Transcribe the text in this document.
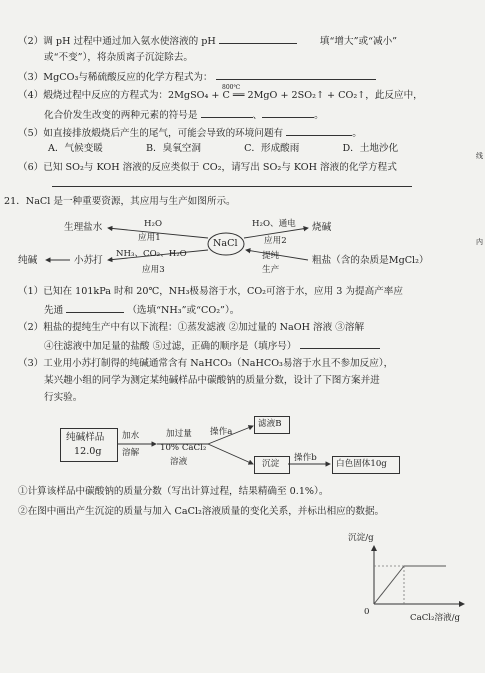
（2）调 pH 过程中通过加入氨水使溶液的 pH	填“增大”或“减小”
或“不变”），将杂质离子沉淀除去。
（3）MgCO₃与稀硫酸反应的化学方程式为：
（4）煅烧过程中反应的方程式为：2MgSO₄ + C ══ 2MgO + 2SO₂↑ + CO₂↑，此反应中，
800℃
化合价发生改变的两种元素的符号是	、	。
（5）如直接排放煅烧后产生的尾气，可能会导致的环境问题有	。
A．气候变暖	B．臭氧空洞	C．形成酸雨	D．土地沙化
（6）已知 SO₂与 KOH 溶液的反应类似于 CO₂，请写出 SO₂与 KOH 溶液的化学方程式
21．NaCl 是一种重要资源，其应用与生产如图所示。
线
内
NaCl
H₂O
应用1
生理盐水	H₂O、通电
应用2
烧碱
NH₃、CO₂、H₂O
应用3
纯碱	小苏打	提纯
生产
粗盐（含的杂质是MgCl₂）
（1）已知在 101kPa 时和 20℃，NH₃极易溶于水，CO₂可溶于水，应用 3 为提高产率应
先通	（选填“NH₃”或“CO₂”）。
（2）粗盐的提纯生产中有以下流程：①蒸发滤液 ②加过量的 NaOH 溶液 ③溶解
④往滤液中加足量的盐酸 ⑤过滤，正确的顺序是（填序号）
（3）工业用小苏打制得的纯碱通常含有 NaHCO₃（NaHCO₃易溶于水且不参加反应），
某兴趣小组的同学为测定某纯碱样品中碳酸钠的质量分数，设计了下图方案并进
行实验。
纯碱样品
12.0g
加水
溶解
加过量
10% CaCl₂
溶液
操作a
滤液B
沉淀
操作b
白色固体10g
①计算该样品中碳酸钠的质量分数（写出计算过程，结果精确至 0.1%）。
②在图中画出产生沉淀的质量与加入 CaCl₂溶液质量的变化关系，并标出相应的数据。
沉淀/g
0
CaCl₂溶液/g
